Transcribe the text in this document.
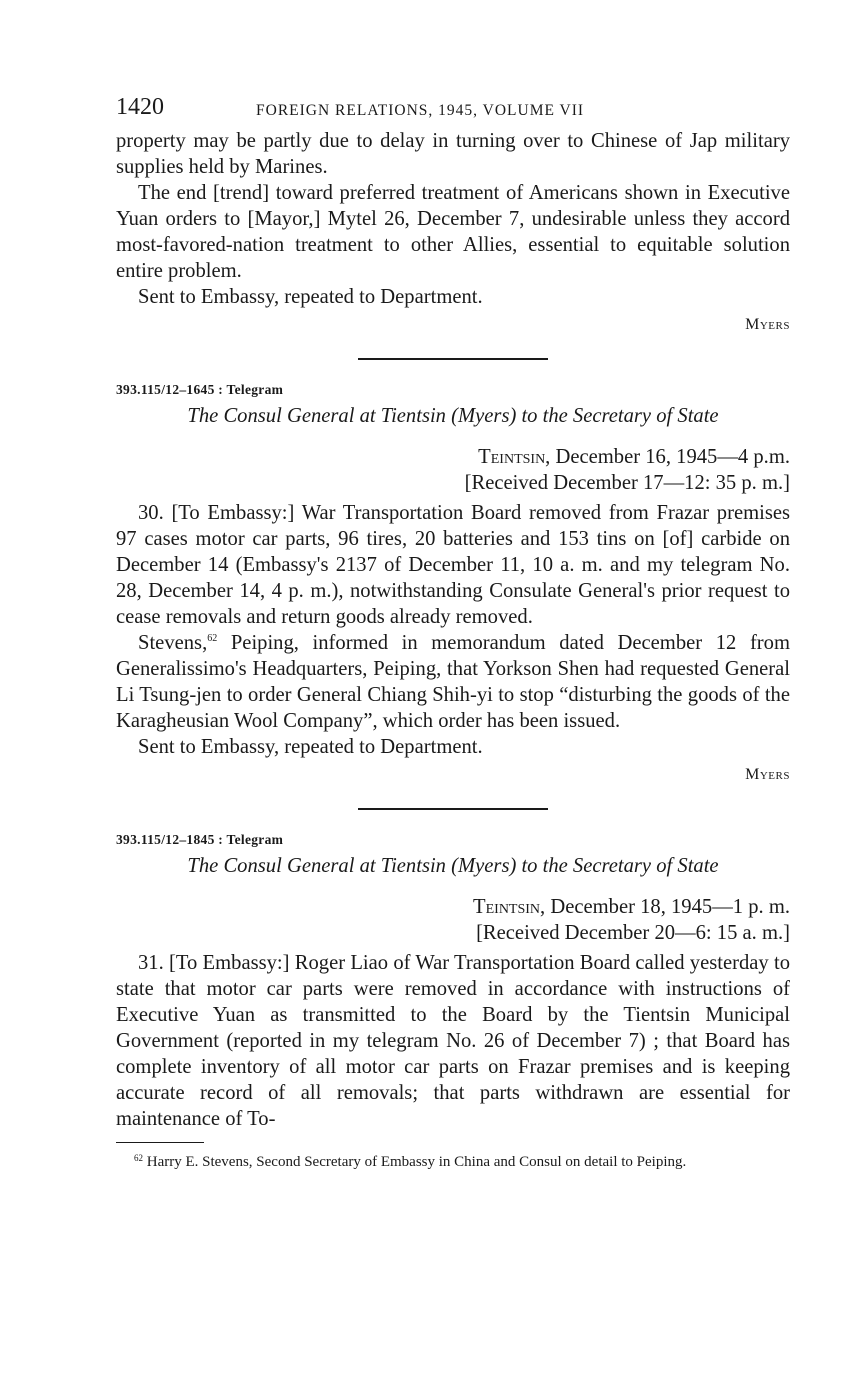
1420	FOREIGN RELATIONS, 1945, VOLUME VII

property may be partly due to delay in turning over to Chinese of Jap military supplies held by Marines.

The end [trend] toward preferred treatment of Americans shown in Executive Yuan orders to [Mayor,] Mytel 26, December 7, undesirable unless they accord most-favored-nation treatment to other Allies, essential to equitable solution entire problem.

Sent to Embassy, repeated to Department.

Myers
393.115/12–1645 : Telegram
The Consul General at Tientsin (Myers) to the Secretary of State
Teintsin, December 16, 1945—4 p.m.
[Received December 17—12: 35 p. m.]

30. [To Embassy:] War Transportation Board removed from Frazar premises 97 cases motor car parts, 96 tires, 20 batteries and 153 tins on [of] carbide on December 14 (Embassy's 2137 of December 11, 10 a. m. and my telegram No. 28, December 14, 4 p. m.), notwithstanding Consulate General's prior request to cease removals and return goods already removed.

Stevens,$^{62}$ Peiping, informed in memorandum dated December 12 from Generalissimo's Headquarters, Peiping, that Yorkson Shen had requested General Li Tsung-jen to order General Chiang Shih-yi to stop “disturbing the goods of the Karagheusian Wool Company”, which order has been issued.

Sent to Embassy, repeated to Department.

Myers
393.115/12–1845 : Telegram
The Consul General at Tientsin (Myers) to the Secretary of State
Teintsin, December 18, 1945—1 p. m.
[Received December 20—6: 15 a. m.]

31. [To Embassy:] Roger Liao of War Transportation Board called yesterday to state that motor car parts were removed in accordance with instructions of Executive Yuan as transmitted to the Board by the Tientsin Municipal Government (reported in my telegram No. 26 of December 7) ; that Board has complete inventory of all motor car parts on Frazar premises and is keeping accurate record of all removals; that parts withdrawn are essential for maintenance of To-

$^{62}$ Harry E. Stevens, Second Secretary of Embassy in China and Consul on detail to Peiping.
